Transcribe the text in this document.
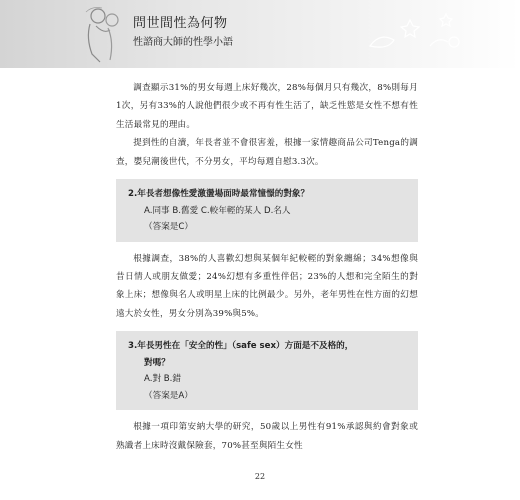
問世間性為何物
性諮商大師的性學小語

調查顯示31%的男女每週上床好幾次，28%每個月只有幾次，8%則每月1次，另有33%的人說他們很少或不再有性生活了，缺乏性慾是女性不想有性生活最常見的理由。

提到性的自瀆，年長者並不會很害羞，根據一家情趣商品公司Tenga的調查，嬰兒潮後世代，不分男女，平均每週自慰3.3次。

2.年長者想像性愛激盪場面時最常憧憬的對象？
A.同事 B.舊愛 C.較年輕的某人 D.名人
（答案是C）

根據調查，38%的人喜歡幻想與某個年紀較輕的對象纏綿；34%想像與昔日情人或朋友做愛；24%幻想有多重性伴侶；23%的人想和完全陌生的對象上床；想像與名人或明星上床的比例最少。另外，老年男性在性方面的幻想遠大於女性，男女分別為39%與5%。

3.年長男性在「安全的性」（safe sex）方面是不及格的，
對嗎？
A.對 B.錯
（答案是A）

根據一項印第安納大學的研究，50歲以上男性有91%承認與約會對象或熟識者上床時沒戴保險套，70%甚至與陌生女性

22
